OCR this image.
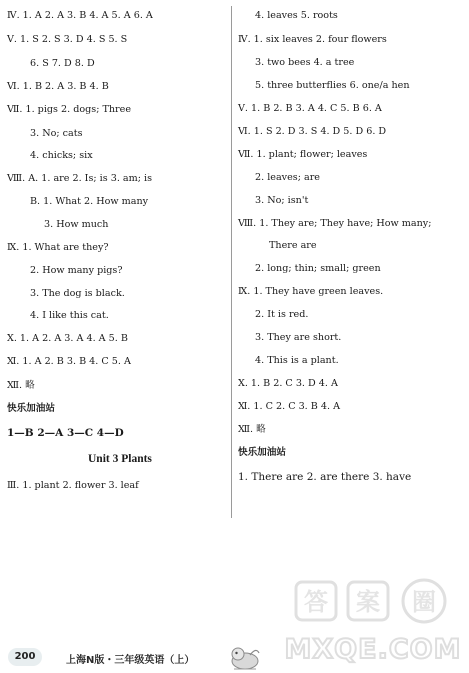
Ⅳ. 1. A 2. A 3. B 4. A 5. A 6. A
Ⅴ. 1. S 2. S 3. D 4. S 5. S
6. S 7. D 8. D
Ⅵ. 1. B 2. A 3. B 4. B
Ⅶ. 1. pigs 2. dogs; Three
3. No; cats
4. chicks; six
Ⅷ. A. 1. are 2. Is; is 3. am; is
B. 1. What 2. How many
3. How much
Ⅸ. 1. What are they?
2. How many pigs?
3. The dog is black.
4. I like this cat.
Ⅹ. 1. A 2. A 3. A 4. A 5. B
Ⅺ. 1. A 2. B 3. B 4. C 5. A
Ⅻ. 略
快乐加油站
1—B 2—A 3—C 4—D
Unit 3 Plants
Ⅲ. 1. plant 2. flower 3. leaf
4. leaves 5. roots
Ⅳ. 1. six leaves 2. four flowers
3. two bees 4. a tree
5. three butterflies 6. one/a hen
Ⅴ. 1. B 2. B 3. A 4. C 5. B 6. A
Ⅵ. 1. S 2. D 3. S 4. D 5. D 6. D
Ⅶ. 1. plant; flower; leaves
2. leaves; are
3. No; isn't
Ⅷ. 1. They are; They have; How many;
There are
2. long; thin; small; green
Ⅸ. 1. They have green leaves.
2. It is red.
3. They are short.
4. This is a plant.
Ⅹ. 1. B 2. C 3. D 4. A
Ⅺ. 1. C 2. C 3. B 4. A
Ⅻ. 略
快乐加油站
1. There are 2. are there 3. have
答 案 圈
MXQE.COM
200	上海N版・三年级英语（上）
